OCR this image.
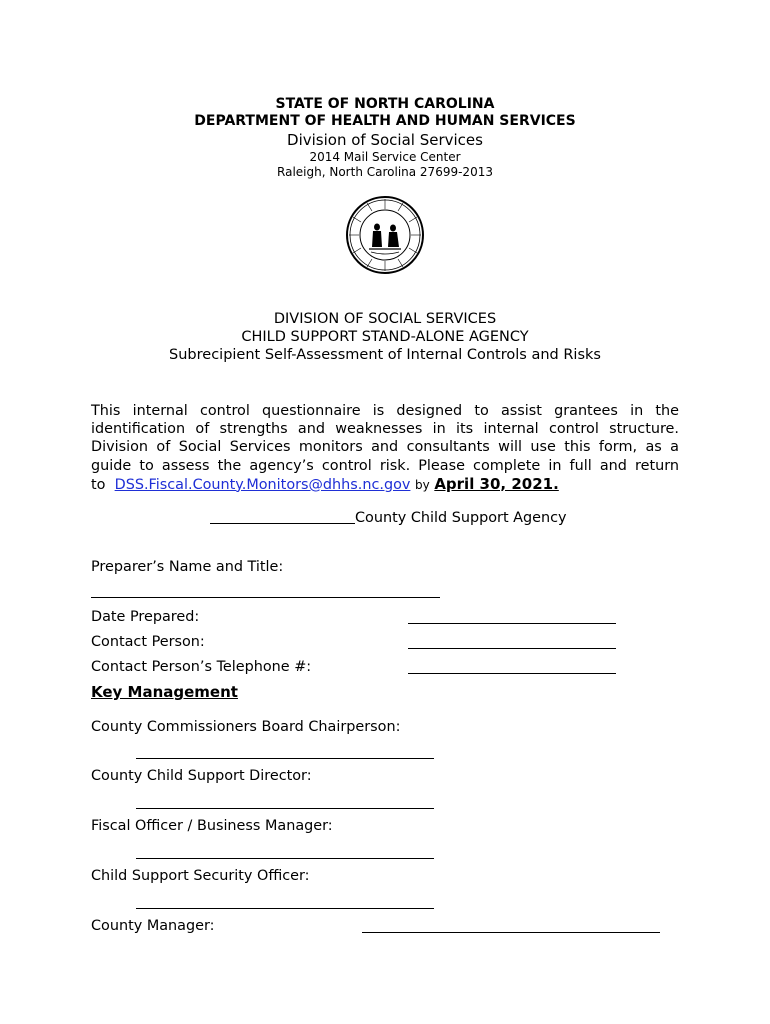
STATE OF NORTH CAROLINA
DEPARTMENT OF HEALTH AND HUMAN SERVICES
Division of Social Services
2014 Mail Service Center
Raleigh, North Carolina 27699-2013
DIVISION OF SOCIAL SERVICES
CHILD SUPPORT STAND-ALONE AGENCY
Subrecipient Self-Assessment of Internal Controls and Risks
This internal control questionnaire is designed to assist grantees in the
identification of strengths and weaknesses in its internal control structure.
Division of Social Services monitors and consultants will use this form, as a
guide to assess the agency’s control risk. Please complete in full and return
to DSS.Fiscal.County.Monitors@dhhs.nc.gov by April 30, 2021.
County Child Support Agency
Preparer’s Name and Title:
Date Prepared:
Contact Person:
Contact Person’s Telephone #:
Key Management
County Commissioners Board Chairperson:
County Child Support Director:
Fiscal Officer / Business Manager:
Child Support Security Officer:
County Manager:
